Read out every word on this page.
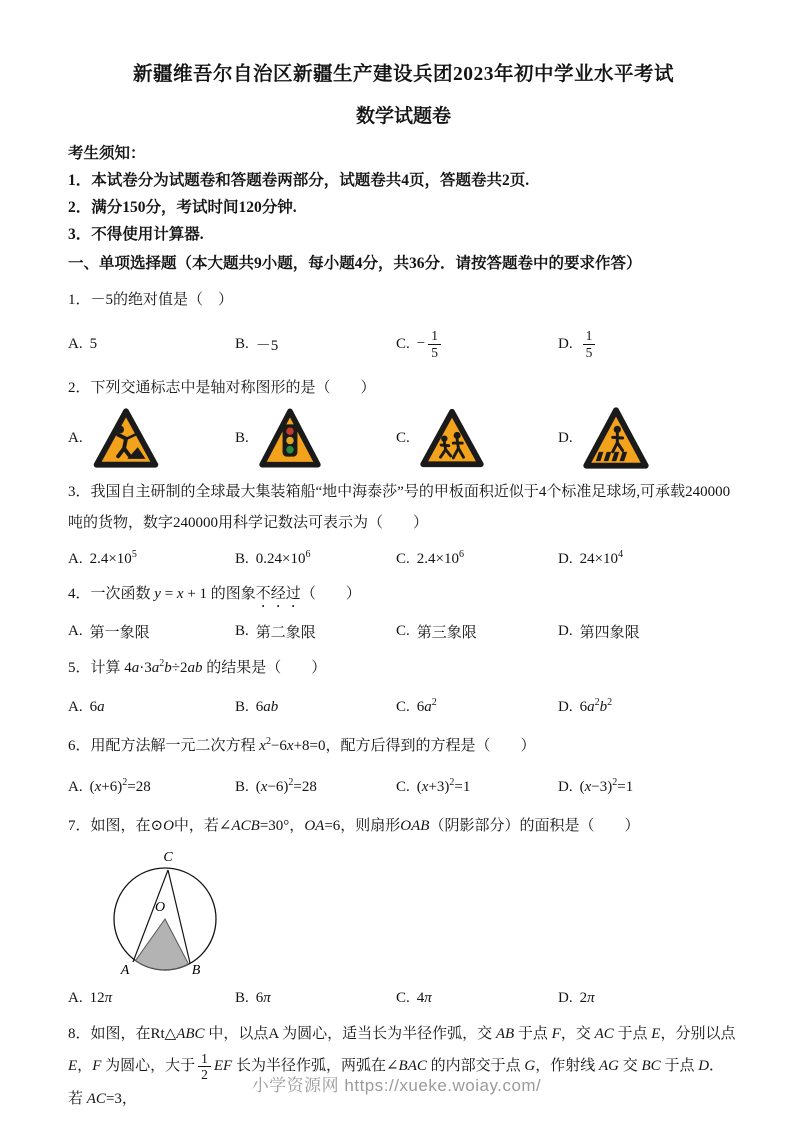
新疆维吾尔自治区新疆生产建设兵团2023年初中学业水平考试
数学试题卷

考生须知：

1．本试卷分为试题卷和答题卷两部分，试题卷共4页，答题卷共2页.

2．满分150分，考试时间120分钟.

3．不得使用计算器.

一、单项选择题（本大题共9小题，每小题4分，共36分．请按答题卷中的要求作答）

1．－5的绝对值是（　）

A. 5	B. －5	C. − $\frac{1}{5}$	D. $\frac{1}{5}$

2．下列交通标志中是轴对称图形的是（　　）

A.	B.	C.	D.

3．我国自主研制的全球最大集装箱船“地中海泰莎”号的甲板面积近似于4个标准足球场,可承载240000吨的货物，数字240000用科学记数法可表示为（　　）

A. $2.4\times 10^5$	B. $0.24\times 10^6$	C. $2.4\times 10^6$	D. $24\times 10^4$

4．一次函数 y = x + 1 的图象不经过（　　）

A. 第一象限	B. 第二象限	C. 第三象限	D. 第四象限

5．计算 $4a\cdot 3a^2b\div 2ab$ 的结果是（　　）

A. 6a	B. 6ab	C. $6a^2$	D. $6a^2b^2$

6．用配方法解一元二次方程 $x^2-6x+8=0$，配方后得到的方程是（　　）

A. $(x+6)^2=28$	B. $(x-6)^2=28$	C. $(x+3)^2=1$	D. $(x-3)^2=1$

7．如图，在⊙O中，若∠ACB=30°，OA=6，则扇形OAB（阴影部分）的面积是（　　）

C
O
A	B
A. 12π	B. 6π	C. 4π	D. 2π

8．如图，在Rt△ABC 中，以点A 为圆心，适当长为半径作弧，交 AB 于点 F，交 AC 于点 E，分别以点 E，F 为圆心，大于 $\frac{1}{2}$ EF 长为半径作弧，两弧在∠BAC 的内部交于点 G，作射线 AG 交 BC 于点 D．若 AC=3，

小学资源网 https://xueke.woiay.com/
